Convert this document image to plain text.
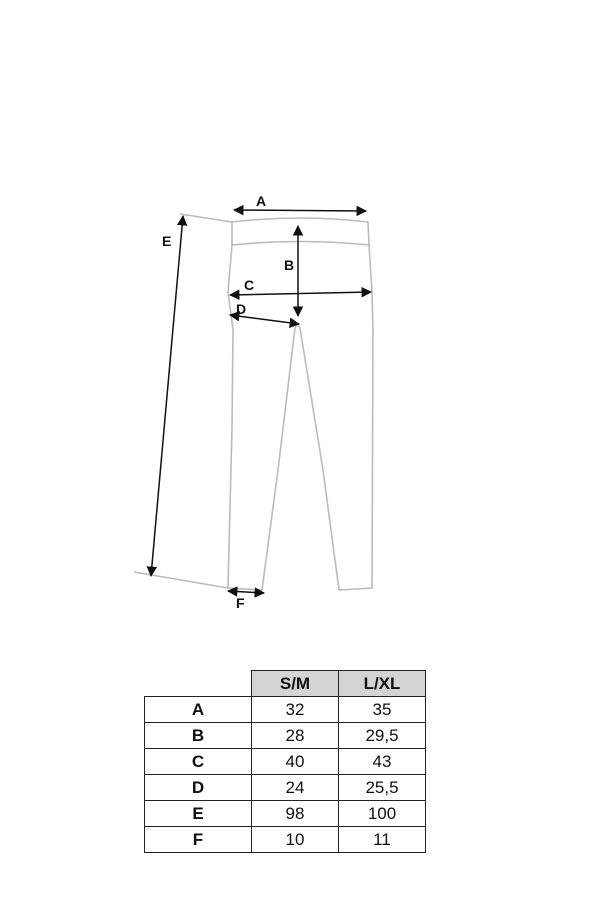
A
B
C
D
E
F
	S/M	L/XL
A	32	35
B	28	29,5
C	40	43
D	24	25,5
E	98	100
F	10	11
